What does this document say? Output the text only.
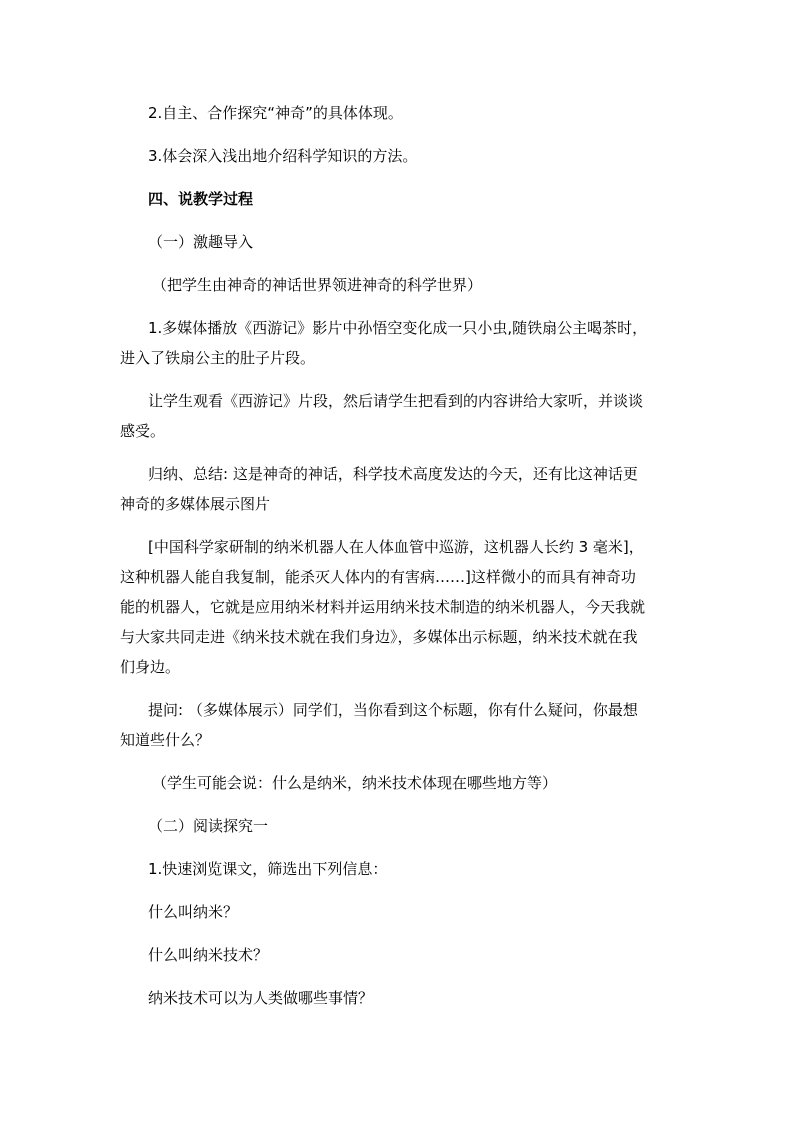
2.自主、合作探究“神奇”的具体体现。

3.体会深入浅出地介绍科学知识的方法。

四、说教学过程

（一）激趣导入

（把学生由神奇的神话世界领进神奇的科学世界）

1.多媒体播放《西游记》影片中孙悟空变化成一只小虫,随铁扇公主喝茶时，

进入了铁扇公主的肚子片段。

让学生观看《西游记》片段，然后请学生把看到的内容讲给大家听，并谈谈

感受。

归纳、总结: 这是神奇的神话，科学技术高度发达的今天，还有比这神话更

神奇的多媒体展示图片

[中国科学家研制的纳米机器人在人体血管中巡游，这机器人长约 3 毫米]，

这种机器人能自我复制，能杀灭人体内的有害病……]这样微小的而具有神奇功

能的机器人，它就是应用纳米材料并运用纳米技术制造的纳米机器人，今天我就

与大家共同走进《纳米技术就在我们身边》，多媒体出示标题，纳米技术就在我

们身边。

提问: （多媒体展示）同学们，当你看到这个标题，你有什么疑问，你最想

知道些什么？

（学生可能会说：什么是纳米，纳米技术体现在哪些地方等）

（二）阅读探究一

1.快速浏览课文，筛选出下列信息：

什么叫纳米？

什么叫纳米技术？

纳米技术可以为人类做哪些事情？
